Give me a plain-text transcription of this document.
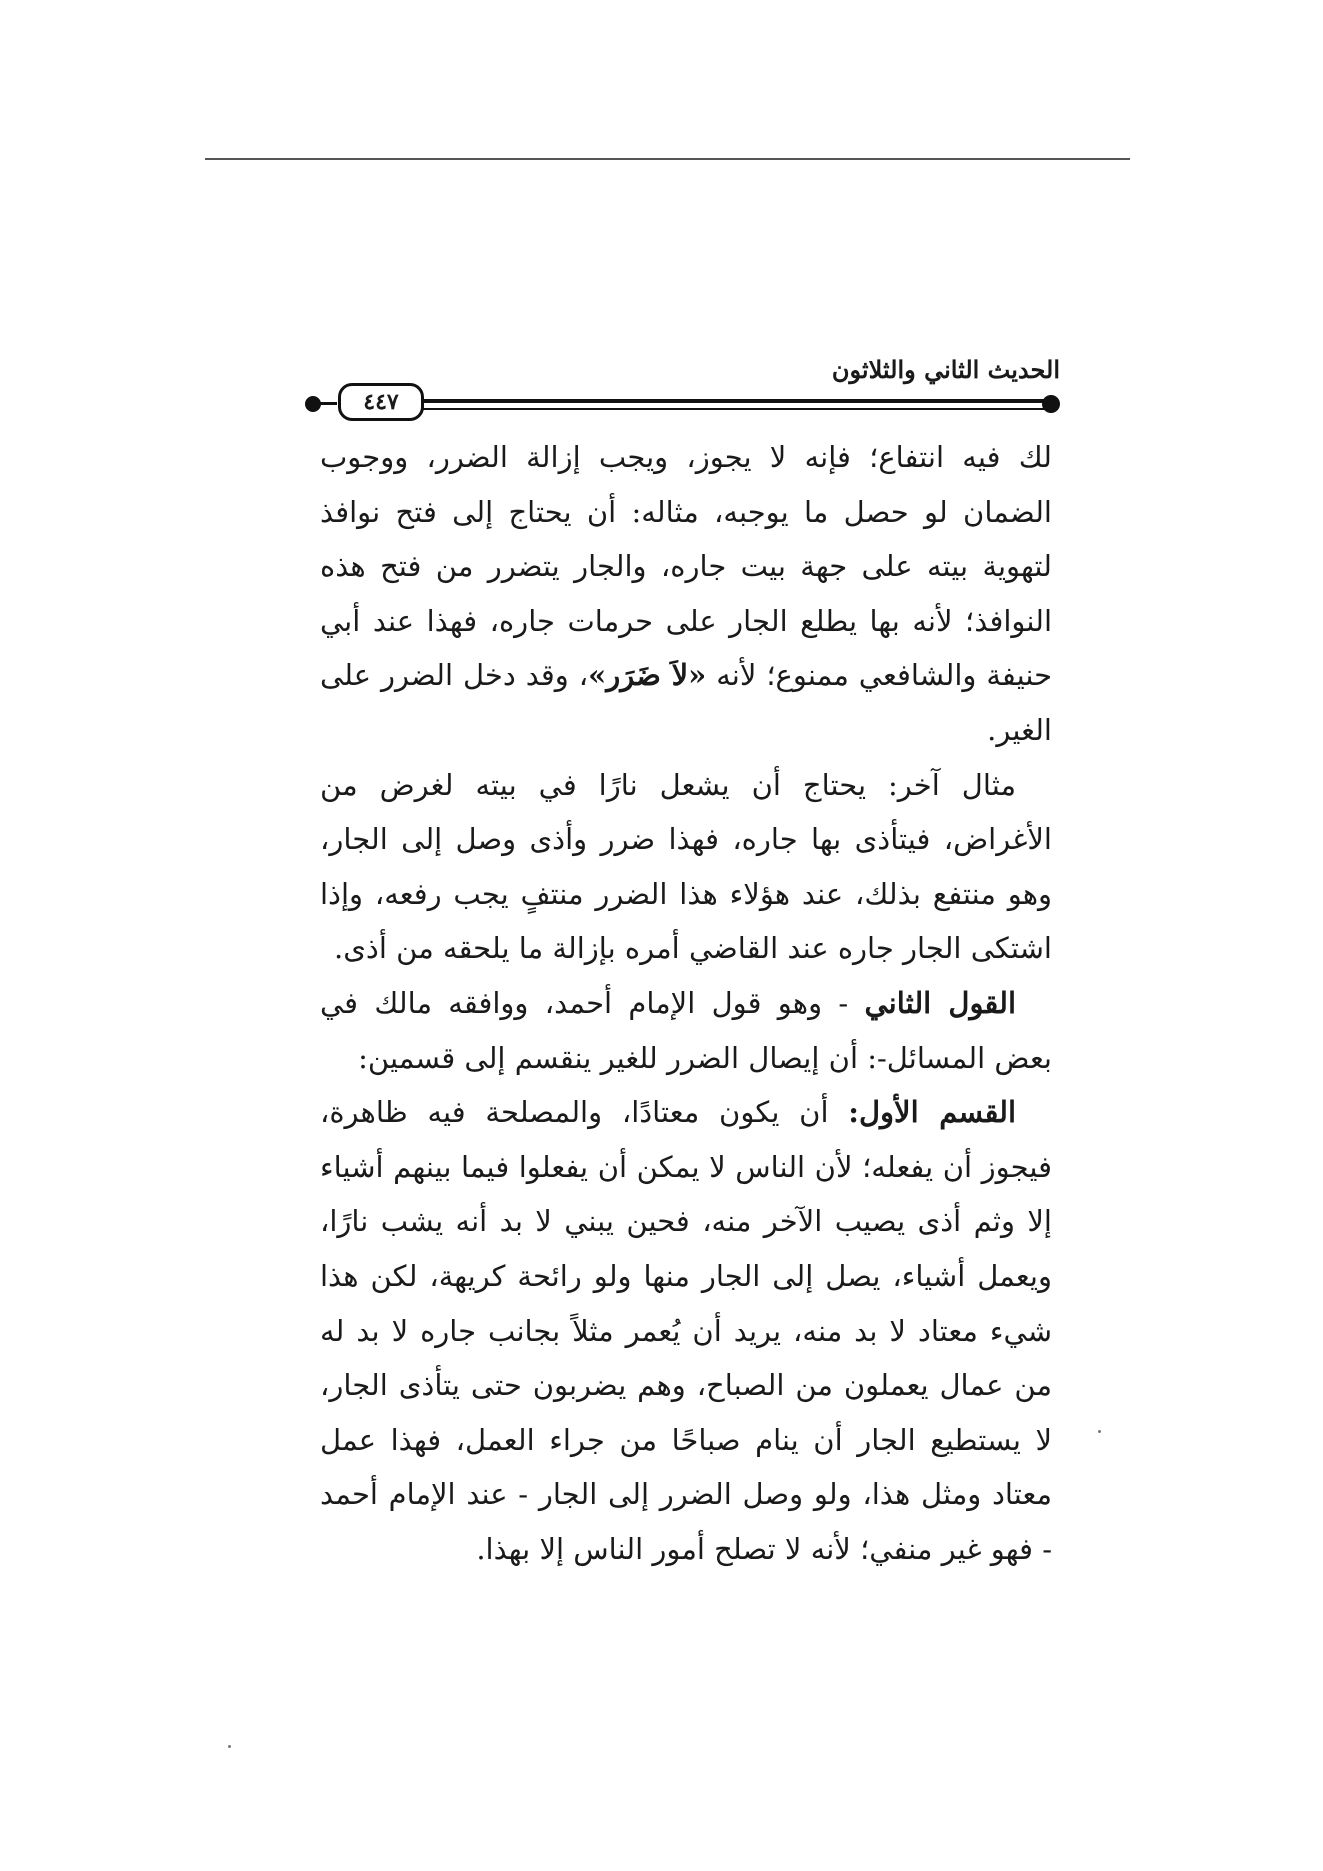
الحديث الثاني والثلاثون
٤٤٧

لك فيه انتفاع؛ فإنه لا يجوز، ويجب إزالة الضرر، ووجوب الضمان لو حصل ما يوجبه، مثاله: أن يحتاج إلى فتح نوافذ لتهوية بيته على جهة بيت جاره، والجار يتضرر من فتح هذه النوافذ؛ لأنه بها يطلع الجار على حرمات جاره، فهذا عند أبي حنيفة والشافعي ممنوع؛ لأنه «لاَ ضَرَر»، وقد دخل الضرر على الغير.

مثال آخر: يحتاج أن يشعل نارًا في بيته لغرض من الأغراض، فيتأذى بها جاره، فهذا ضرر وأذى وصل إلى الجار، وهو منتفع بذلك، عند هؤلاء هذا الضرر منتفٍ يجب رفعه، وإذا اشتكى الجار جاره عند القاضي أمره بإزالة ما يلحقه من أذى.

القول الثاني - وهو قول الإمام أحمد، ووافقه مالك في بعض المسائل-: أن إيصال الضرر للغير ينقسم إلى قسمين:

القسم الأول: أن يكون معتادًا، والمصلحة فيه ظاهرة، فيجوز أن يفعله؛ لأن الناس لا يمكن أن يفعلوا فيما بينهم أشياء إلا وثم أذى يصيب الآخر منه، فحين يبني لا بد أنه يشب نارًا، ويعمل أشياء، يصل إلى الجار منها ولو رائحة كريهة، لكن هذا شيء معتاد لا بد منه، يريد أن يُعمر مثلاً بجانب جاره لا بد له من عمال يعملون من الصباح، وهم يضربون حتى يتأذى الجار، لا يستطيع الجار أن ينام صباحًا من جراء العمل، فهذا عمل معتاد ومثل هذا، ولو وصل الضرر إلى الجار - عند الإمام أحمد - فهو غير منفي؛ لأنه لا تصلح أمور الناس إلا بهذا.
